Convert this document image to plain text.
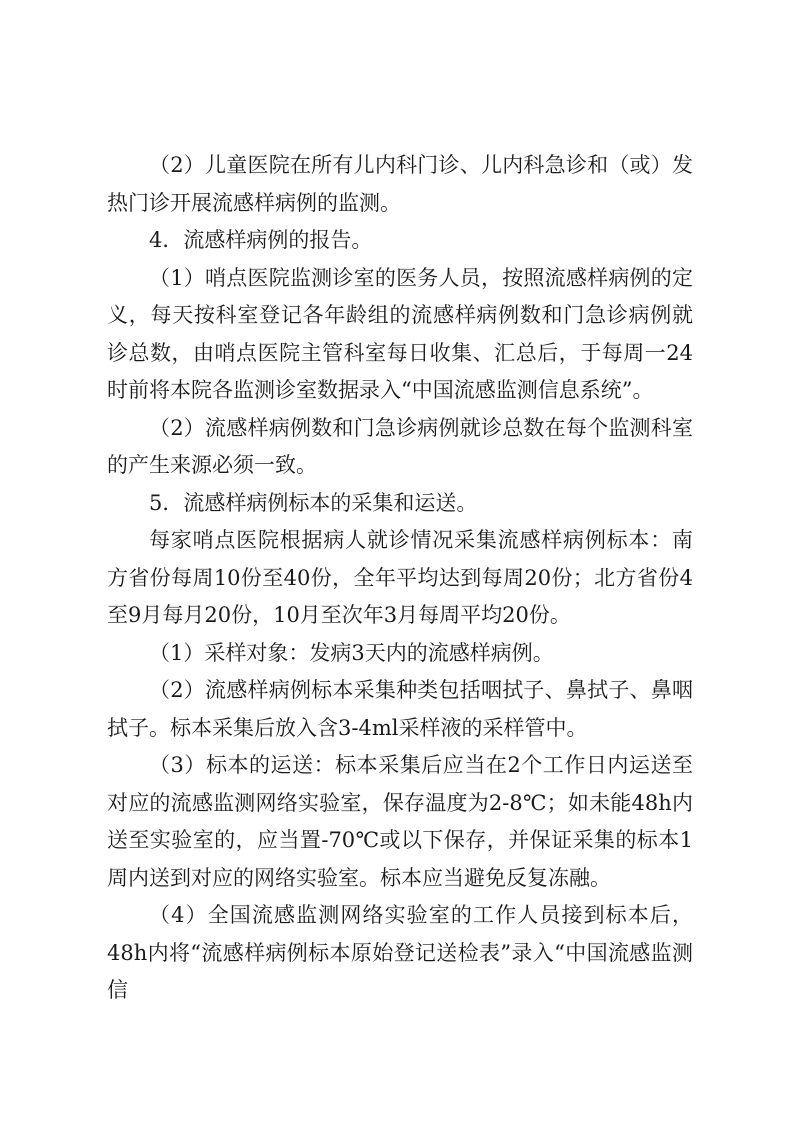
（2）儿童医院在所有儿内科门诊、儿内科急诊和（或）发热门诊开展流感样病例的监测。

4．流感样病例的报告。

（1）哨点医院监测诊室的医务人员，按照流感样病例的定义，每天按科室登记各年龄组的流感样病例数和门急诊病例就诊总数，由哨点医院主管科室每日收集、汇总后，于每周一24时前将本院各监测诊室数据录入“中国流感监测信息系统”。

（2）流感样病例数和门急诊病例就诊总数在每个监测科室的产生来源必须一致。

5．流感样病例标本的采集和运送。

每家哨点医院根据病人就诊情况采集流感样病例标本：南方省份每周10份至40份，全年平均达到每周20份；北方省份4至9月每月20份，10月至次年3月每周平均20份。

（1）采样对象：发病3天内的流感样病例。

（2）流感样病例标本采集种类包括咽拭子、鼻拭子、鼻咽拭子。标本采集后放入含3-4ml采样液的采样管中。

（3）标本的运送：标本采集后应当在2个工作日内运送至对应的流感监测网络实验室，保存温度为2-8℃；如未能48h内送至实验室的，应当置-70℃或以下保存，并保证采集的标本1周内送到对应的网络实验室。标本应当避免反复冻融。

（4）全国流感监测网络实验室的工作人员接到标本后，48h内将“流感样病例标本原始登记送检表”录入“中国流感监测信
